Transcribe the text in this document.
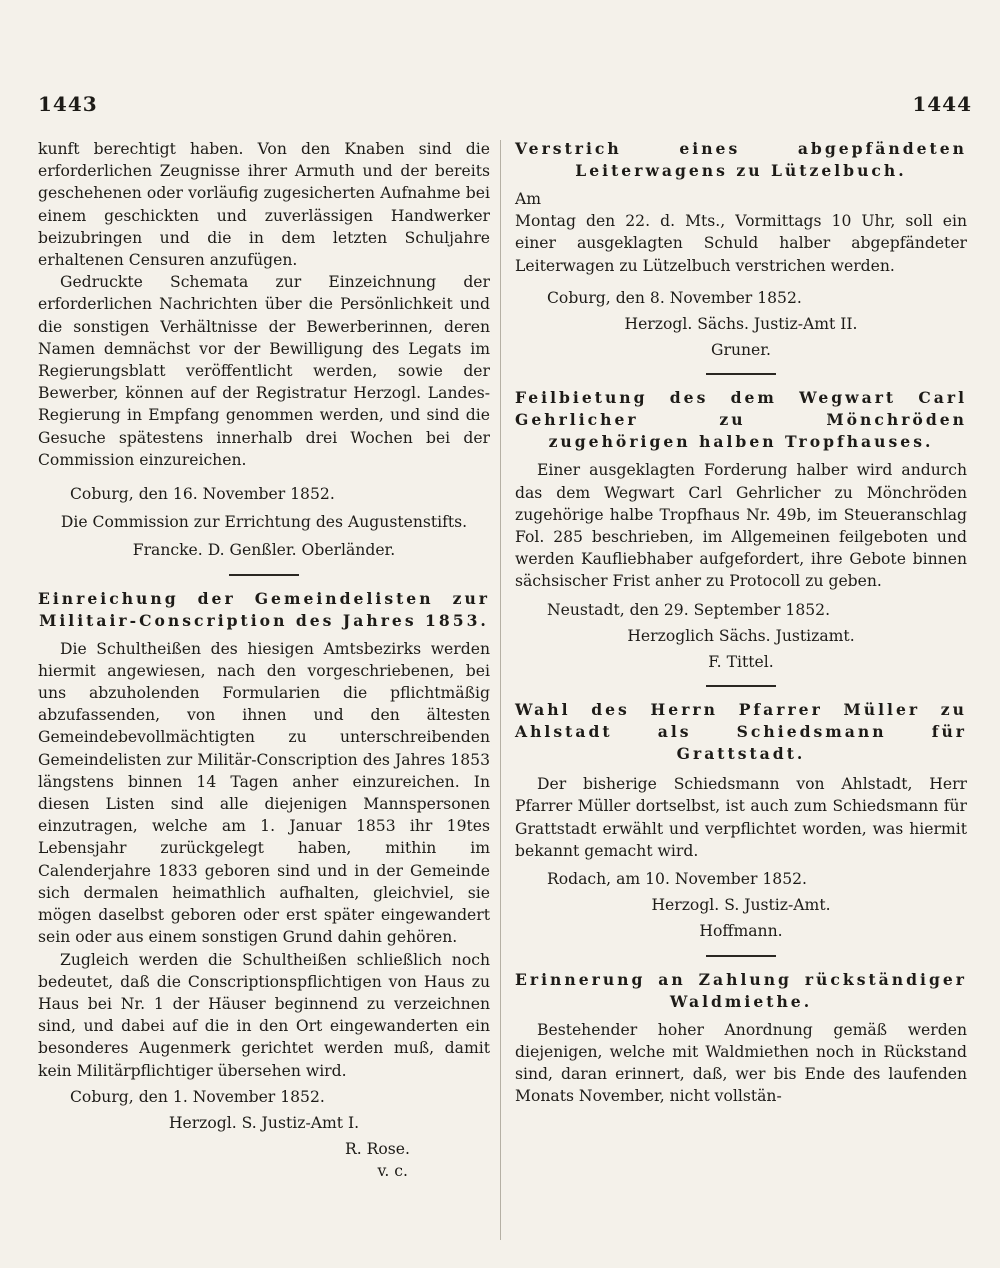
1443	1444

kunft berechtigt haben. Von den Knaben sind die erforderlichen Zeugnisse ihrer Armuth und der bereits geschehenen oder vorläufig zugesicherten Aufnahme bei einem geschickten und zuverlässigen Handwerker beizubringen und die in dem letzten Schuljahre erhaltenen Censuren anzufügen.

Gedruckte Schemata zur Einzeichnung der erforderlichen Nachrichten über die Persönlichkeit und die sonstigen Verhältnisse der Bewerberinnen, deren Namen demnächst vor der Bewilligung des Legats im Regierungsblatt veröffentlicht werden, sowie der Bewerber, können auf der Registratur Herzogl. Landes-Regierung in Empfang genommen werden, und sind die Gesuche spätestens innerhalb drei Wochen bei der Commission einzureichen.

Coburg, den 16. November 1852.

Die Commission zur Errichtung des Augustenstifts.

Francke. D. Genßler. Oberländer.

Einreichung der Gemeindelisten zur Militair-Conscription des Jahres 1853.

Die Schultheißen des hiesigen Amtsbezirks werden hiermit angewiesen, nach den vorgeschriebenen, bei uns abzuholenden Formularien die pflichtmäßig abzufassenden, von ihnen und den ältesten Gemeindebevollmächtigten zu unterschreibenden Gemeindelisten zur Militär-Conscription des Jahres 1853 längstens binnen 14 Tagen anher einzureichen. In diesen Listen sind alle diejenigen Mannspersonen einzutragen, welche am 1. Januar 1853 ihr 19tes Lebensjahr zurückgelegt haben, mithin im Calenderjahre 1833 geboren sind und in der Gemeinde sich dermalen heimathlich aufhalten, gleichviel, sie mögen daselbst geboren oder erst später eingewandert sein oder aus einem sonstigen Grund dahin gehören.

Zugleich werden die Schultheißen schließlich noch bedeutet, daß die Conscriptionspflichtigen von Haus zu Haus bei Nr. 1 der Häuser beginnend zu verzeichnen sind, und dabei auf die in den Ort eingewanderten ein besonderes Augenmerk gerichtet werden muß, damit kein Militärpflichtiger übersehen wird.

Coburg, den 1. November 1852.

Herzogl. S. Justiz-Amt I.

R. Rose.

v. c.

Verstrich eines abgepfändeten Leiterwagens zu Lützelbuch.

Am

Montag den 22. d. Mts., Vormittags 10 Uhr, soll ein einer ausgeklagten Schuld halber abgepfändeter Leiterwagen zu Lützelbuch verstrichen werden.

Coburg, den 8. November 1852.

Herzogl. Sächs. Justiz-Amt II.

Gruner.

Feilbietung des dem Wegwart Carl Gehrlicher zu Mönchröden zugehörigen halben Tropfhauses.

Einer ausgeklagten Forderung halber wird andurch das dem Wegwart Carl Gehrlicher zu Mönchröden zugehörige halbe Tropfhaus Nr. 49b, im Steueranschlag Fol. 285 beschrieben, im Allgemeinen feilgeboten und werden Kaufliebhaber aufgefordert, ihre Gebote binnen sächsischer Frist anher zu Protocoll zu geben.

Neustadt, den 29. September 1852.

Herzoglich Sächs. Justizamt.

F. Tittel.

Wahl des Herrn Pfarrer Müller zu Ahlstadt als Schiedsmann für Grattstadt.

Der bisherige Schiedsmann von Ahlstadt, Herr Pfarrer Müller dortselbst, ist auch zum Schiedsmann für Grattstadt erwählt und verpflichtet worden, was hiermit bekannt gemacht wird.

Rodach, am 10. November 1852.

Herzogl. S. Justiz-Amt.

Hoffmann.

Erinnerung an Zahlung rückständiger Waldmiethe.

Bestehender hoher Anordnung gemäß werden diejenigen, welche mit Waldmiethen noch in Rückstand sind, daran erinnert, daß, wer bis Ende des laufenden Monats November, nicht vollstän-
